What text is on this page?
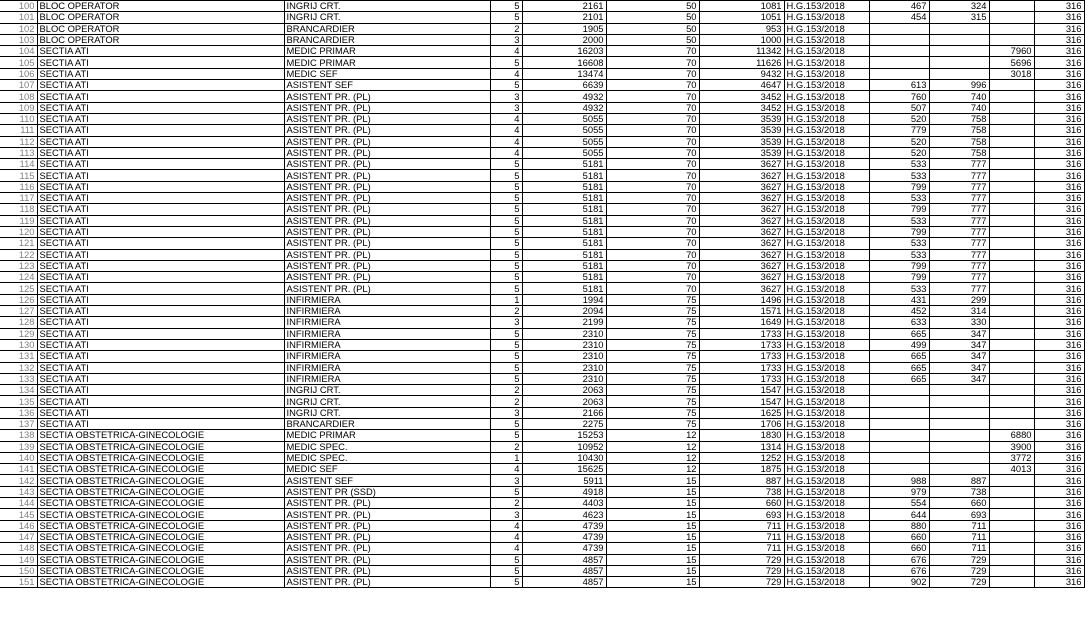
100	BLOC OPERATOR	INGRIJ CRT.	5	2161	50	1081	H.G.153/2018	467	324		316
101	BLOC OPERATOR	INGRIJ CRT.	5	2101	50	1051	H.G.153/2018	454	315		316
102	BLOC OPERATOR	BRANCARDIER	2	1905	50	953	H.G.153/2018				316
103	BLOC OPERATOR	BRANCARDIER	3	2000	50	1000	H.G.153/2018				316
104	SECTIA ATI	MEDIC PRIMAR	4	16203	70	11342	H.G.153/2018			7960	316
105	SECTIA ATI	MEDIC PRIMAR	5	16608	70	11626	H.G.153/2018			5696	316
106	SECTIA ATI	MEDIC SEF	4	13474	70	9432	H.G.153/2018			3018	316
107	SECTIA ATI	ASISTENT SEF	5	6639	70	4647	H.G.153/2018	613	996		316
108	SECTIA ATI	ASISTENT PR. (PL)	3	4932	70	3452	H.G.153/2018	760	740		316
109	SECTIA ATI	ASISTENT PR. (PL)	3	4932	70	3452	H.G.153/2018	507	740		316
110	SECTIA ATI	ASISTENT PR. (PL)	4	5055	70	3539	H.G.153/2018	520	758		316
111	SECTIA ATI	ASISTENT PR. (PL)	4	5055	70	3539	H.G.153/2018	779	758		316
112	SECTIA ATI	ASISTENT PR. (PL)	4	5055	70	3539	H.G.153/2018	520	758		316
113	SECTIA ATI	ASISTENT PR. (PL)	4	5055	70	3539	H.G.153/2018	520	758		316
114	SECTIA ATI	ASISTENT PR. (PL)	5	5181	70	3627	H.G.153/2018	533	777		316
115	SECTIA ATI	ASISTENT PR. (PL)	5	5181	70	3627	H.G.153/2018	533	777		316
116	SECTIA ATI	ASISTENT PR. (PL)	5	5181	70	3627	H.G.153/2018	799	777		316
117	SECTIA ATI	ASISTENT PR. (PL)	5	5181	70	3627	H.G.153/2018	533	777		316
118	SECTIA ATI	ASISTENT PR. (PL)	5	5181	70	3627	H.G.153/2018	799	777		316
119	SECTIA ATI	ASISTENT PR. (PL)	5	5181	70	3627	H.G.153/2018	533	777		316
120	SECTIA ATI	ASISTENT PR. (PL)	5	5181	70	3627	H.G.153/2018	799	777		316
121	SECTIA ATI	ASISTENT PR. (PL)	5	5181	70	3627	H.G.153/2018	533	777		316
122	SECTIA ATI	ASISTENT PR. (PL)	5	5181	70	3627	H.G.153/2018	533	777		316
123	SECTIA ATI	ASISTENT PR. (PL)	5	5181	70	3627	H.G.153/2018	799	777		316
124	SECTIA ATI	ASISTENT PR. (PL)	5	5181	70	3627	H.G.153/2018	799	777		316
125	SECTIA ATI	ASISTENT PR. (PL)	5	5181	70	3627	H.G.153/2018	533	777		316
126	SECTIA ATI	INFIRMIERA	1	1994	75	1496	H.G.153/2018	431	299		316
127	SECTIA ATI	INFIRMIERA	2	2094	75	1571	H.G.153/2018	452	314		316
128	SECTIA ATI	INFIRMIERA	3	2199	75	1649	H.G.153/2018	633	330		316
129	SECTIA ATI	INFIRMIERA	5	2310	75	1733	H.G.153/2018	665	347		316
130	SECTIA ATI	INFIRMIERA	5	2310	75	1733	H.G.153/2018	499	347		316
131	SECTIA ATI	INFIRMIERA	5	2310	75	1733	H.G.153/2018	665	347		316
132	SECTIA ATI	INFIRMIERA	5	2310	75	1733	H.G.153/2018	665	347		316
133	SECTIA ATI	INFIRMIERA	5	2310	75	1733	H.G.153/2018	665	347		316
134	SECTIA ATI	INGRIJ CRT.	2	2063	75	1547	H.G.153/2018				316
135	SECTIA ATI	INGRIJ CRT.	2	2063	75	1547	H.G.153/2018				316
136	SECTIA ATI	INGRIJ CRT.	3	2166	75	1625	H.G.153/2018				316
137	SECTIA ATI	BRANCARDIER	5	2275	75	1706	H.G.153/2018				316
138	SECTIA OBSTETRICA-GINECOLOGIE	MEDIC PRIMAR	5	15253	12	1830	H.G.153/2018			6880	316
139	SECTIA OBSTETRICA-GINECOLOGIE	MEDIC SPEC.	2	10952	12	1314	H.G.153/2018			3900	316
140	SECTIA OBSTETRICA-GINECOLOGIE	MEDIC SPEC.	1	10430	12	1252	H.G.153/2018			3772	316
141	SECTIA OBSTETRICA-GINECOLOGIE	MEDIC SEF	4	15625	12	1875	H.G.153/2018			4013	316
142	SECTIA OBSTETRICA-GINECOLOGIE	ASISTENT SEF	3	5911	15	887	H.G.153/2018	988	887		316
143	SECTIA OBSTETRICA-GINECOLOGIE	ASISTENT PR (SSD)	5	4918	15	738	H.G.153/2018	979	738		316
144	SECTIA OBSTETRICA-GINECOLOGIE	ASISTENT PR. (PL)	2	4403	15	660	H.G.153/2018	554	660		316
145	SECTIA OBSTETRICA-GINECOLOGIE	ASISTENT PR. (PL)	3	4623	15	693	H.G.153/2018	644	693		316
146	SECTIA OBSTETRICA-GINECOLOGIE	ASISTENT PR. (PL)	4	4739	15	711	H.G.153/2018	880	711		316
147	SECTIA OBSTETRICA-GINECOLOGIE	ASISTENT PR. (PL)	4	4739	15	711	H.G.153/2018	660	711		316
148	SECTIA OBSTETRICA-GINECOLOGIE	ASISTENT PR. (PL)	4	4739	15	711	H.G.153/2018	660	711		316
149	SECTIA OBSTETRICA-GINECOLOGIE	ASISTENT PR. (PL)	5	4857	15	729	H.G.153/2018	676	729		316
150	SECTIA OBSTETRICA-GINECOLOGIE	ASISTENT PR. (PL)	5	4857	15	729	H.G.153/2018	676	729		316
151	SECTIA OBSTETRICA-GINECOLOGIE	ASISTENT PR. (PL)	5	4857	15	729	H.G.153/2018	902	729		316
